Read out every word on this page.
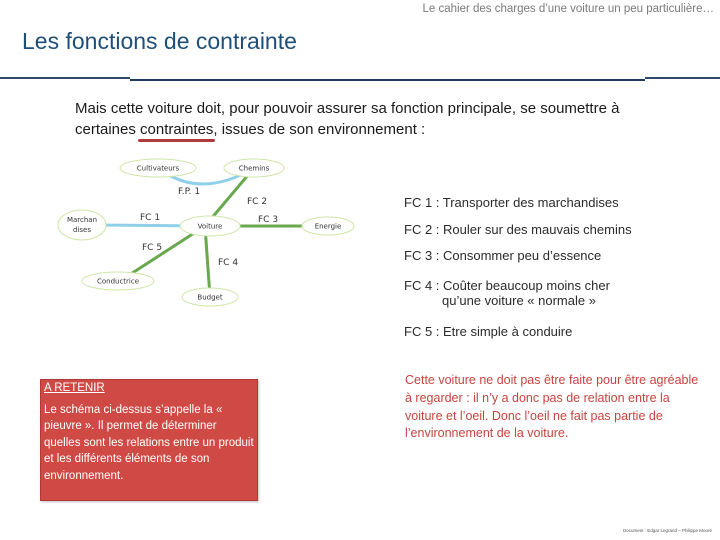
Le cahier des charges d’une voiture un peu particulière…
Les fonctions de contrainte
Mais cette voiture doit, pour pouvoir assurer sa fonction principale, se soumettre à certaines contraintes, issues de son environnement :
Cultivateurs	Chemins
Marchan
dises	Voiture	Energie
Conductrice
Budget
F.P. 1
FC 1
FC 2
FC 3
FC 4
FC 5
FC 1 : Transporter des marchandises
FC 2 : Rouler sur des mauvais chemins
FC 3 : Consommer peu d’essence
FC 4 : Coûter beaucoup moins cher
qu’une voiture « normale »
FC 5 : Etre simple à conduire
A RETENIR
Le schéma ci-dessus s’appelle la « pieuvre ». Il permet de déterminer quelles sont les relations entre un produit et les différents éléments de son environnement.
Cette voiture ne doit pas être faite pour être agréable à regarder : il n’y a donc pas de relation entre la voiture et l’oeil. Donc l’oeil ne fait pas partie de l’environnement de la voiture.
Document : Edgar Legrand – Philippe Moore
